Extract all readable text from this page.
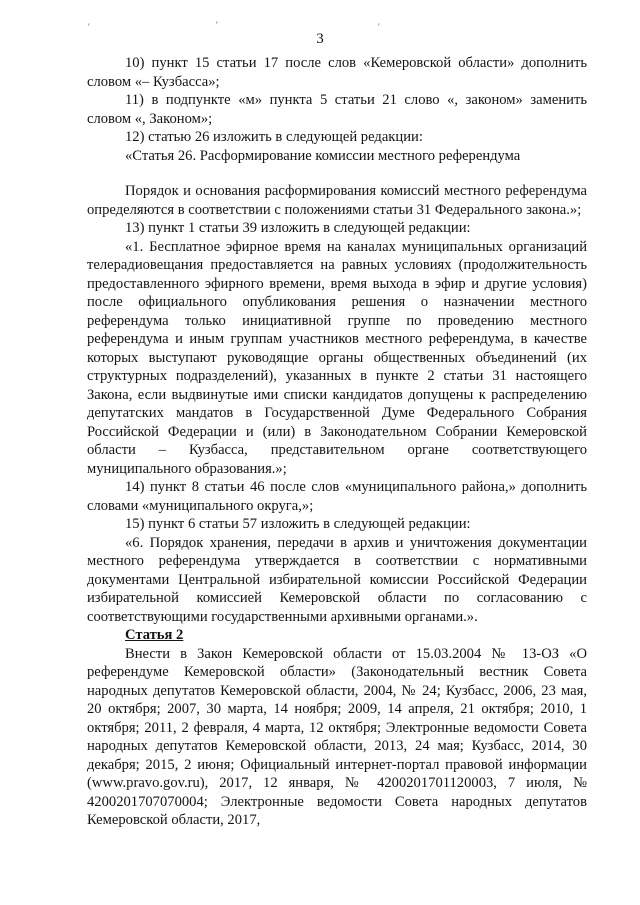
′	′	′
3

10) пункт 15 статьи 17 после слов «Кемеровской области» дополнить словом «– Кузбасса»;

11) в подпункте «м» пункта 5 статьи 21 слово «, законом» заменить словом «, Законом»;

12) статью 26 изложить в следующей редакции:

«Статья 26. Расформирование комиссии местного референдума

Порядок и основания расформирования комиссий местного референдума определяются в соответствии с положениями статьи 31 Федерального закона.»;

13) пункт 1 статьи 39 изложить в следующей редакции:

«1. Бесплатное эфирное время на каналах муниципальных организаций телерадиовещания предоставляется на равных условиях (продолжительность предоставленного эфирного времени, время выхода в эфир и другие условия) после официального опубликования решения о назначении местного референдума только инициативной группе по проведению местного референдума и иным группам участников местного референдума, в качестве которых выступают руководящие органы общественных объединений (их структурных подразделений), указанных в пункте 2 статьи 31 настоящего Закона, если выдвинутые ими списки кандидатов допущены к распределению депутатских мандатов в Государственной Думе Федерального Собрания Российской Федерации и (или) в Законодательном Собрании Кемеровской области – Кузбасса, представительном органе соответствующего муниципального образования.»;

14) пункт 8 статьи 46 после слов «муниципального района,» дополнить словами «муниципального округа,»;

15) пункт 6 статьи 57 изложить в следующей редакции:

«6. Порядок хранения, передачи в архив и уничтожения документации местного референдума утверждается в соответствии с нормативными документами Центральной избирательной комиссии Российской Федерации избирательной комиссией Кемеровской области по согласованию с соответствующими государственными архивными органами.».

Статья 2

Внести в Закон Кемеровской области от 15.03.2004 № 13-ОЗ «О референдуме Кемеровской области» (Законодательный вестник Совета народных депутатов Кемеровской области, 2004, № 24; Кузбасс, 2006, 23 мая, 20 октября; 2007, 30 марта, 14 ноября; 2009, 14 апреля, 21 октября; 2010, 1 октября; 2011, 2 февраля, 4 марта, 12 октября; Электронные ведомости Совета народных депутатов Кемеровской области, 2013, 24 мая; Кузбасс, 2014, 30 декабря; 2015, 2 июня; Официальный интернет-портал правовой информации (www.pravo.gov.ru), 2017, 12 января, № 4200201701120003, 7 июля, № 4200201707070004; Электронные ведомости Совета народных депутатов Кемеровской области, 2017,
